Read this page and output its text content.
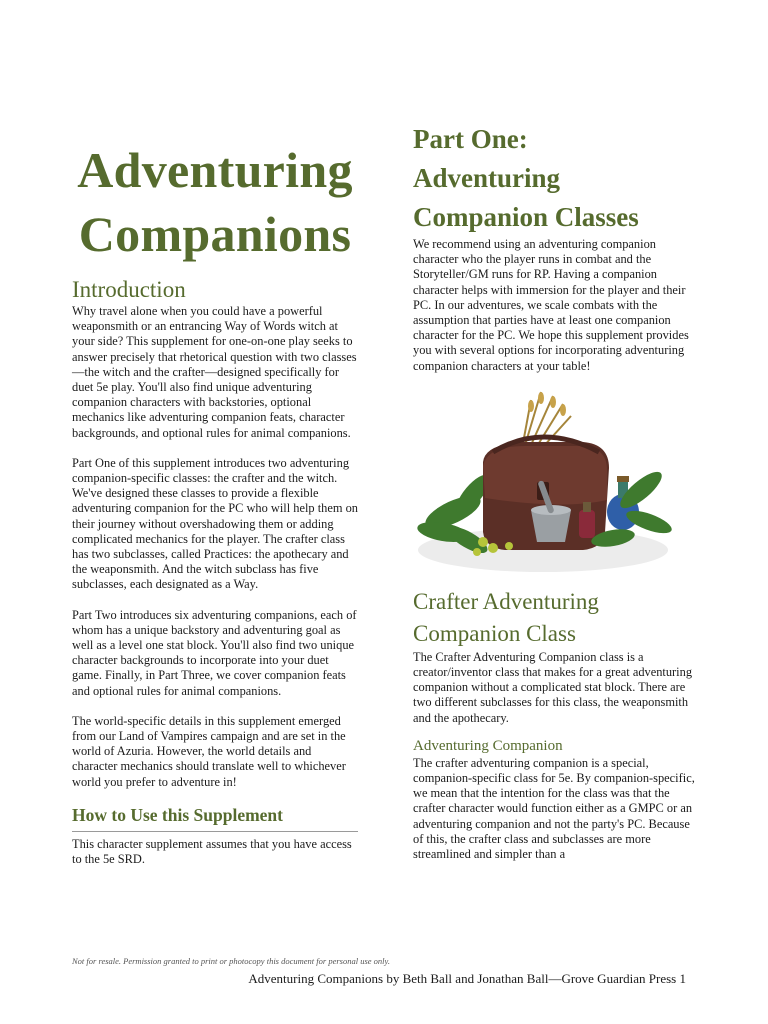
Adventuring
Companions
Introduction

Why travel alone when you could have a powerful weaponsmith or an entrancing Way of Words witch at your side? This supplement for one-on-one play seeks to answer precisely that rhetorical question with two classes—the witch and the crafter—designed specifically for duet 5e play. You'll also find unique adventuring companion characters with backstories, optional mechanics like adventuring companion feats, character backgrounds, and optional rules for animal companions.

Part One of this supplement introduces two adventuring companion-specific classes: the crafter and the witch. We've designed these classes to provide a flexible adventuring companion for the PC who will help them on their journey without overshadowing them or adding complicated mechanics for the player. The crafter class has two subclasses, called Practices: the apothecary and the weaponsmith. And the witch subclass has five subclasses, each designated as a Way.

Part Two introduces six adventuring companions, each of whom has a unique backstory and adventuring goal as well as a level one stat block. You'll also find two unique character backgrounds to incorporate into your duet game. Finally, in Part Three, we cover companion feats and optional rules for animal companions.

The world-specific details in this supplement emerged from our Land of Vampires campaign and are set in the world of Azuria. However, the world details and character mechanics should translate well to whichever world you prefer to adventure in!

How to Use this Supplement

This character supplement assumes that you have access to the 5e SRD.

Part One:
Adventuring
Companion Classes

We recommend using an adventuring companion character who the player runs in combat and the Storyteller/GM runs for RP. Having a companion character helps with immersion for the player and their PC. In our adventures, we scale combats with the assumption that parties have at least one companion character for the PC. We hope this supplement provides you with several options for incorporating adventuring companion characters at your table!

Crafter Adventuring
Companion Class

The Crafter Adventuring Companion class is a creator/inventor class that makes for a great adventuring companion without a complicated stat block. There are two different subclasses for this class, the weaponsmith and the apothecary.

Adventuring Companion

The crafter adventuring companion is a special, companion-specific class for 5e. By companion-specific, we mean that the intention for the class was that the crafter character would function either as a GMPC or an adventuring companion and not the party's PC. Because of this, the crafter class and subclasses are more streamlined and simpler than a

Not for resale. Permission granted to print or photocopy this document for personal use only.
Adventuring Companions by Beth Ball and Jonathan Ball—Grove Guardian Press 1
